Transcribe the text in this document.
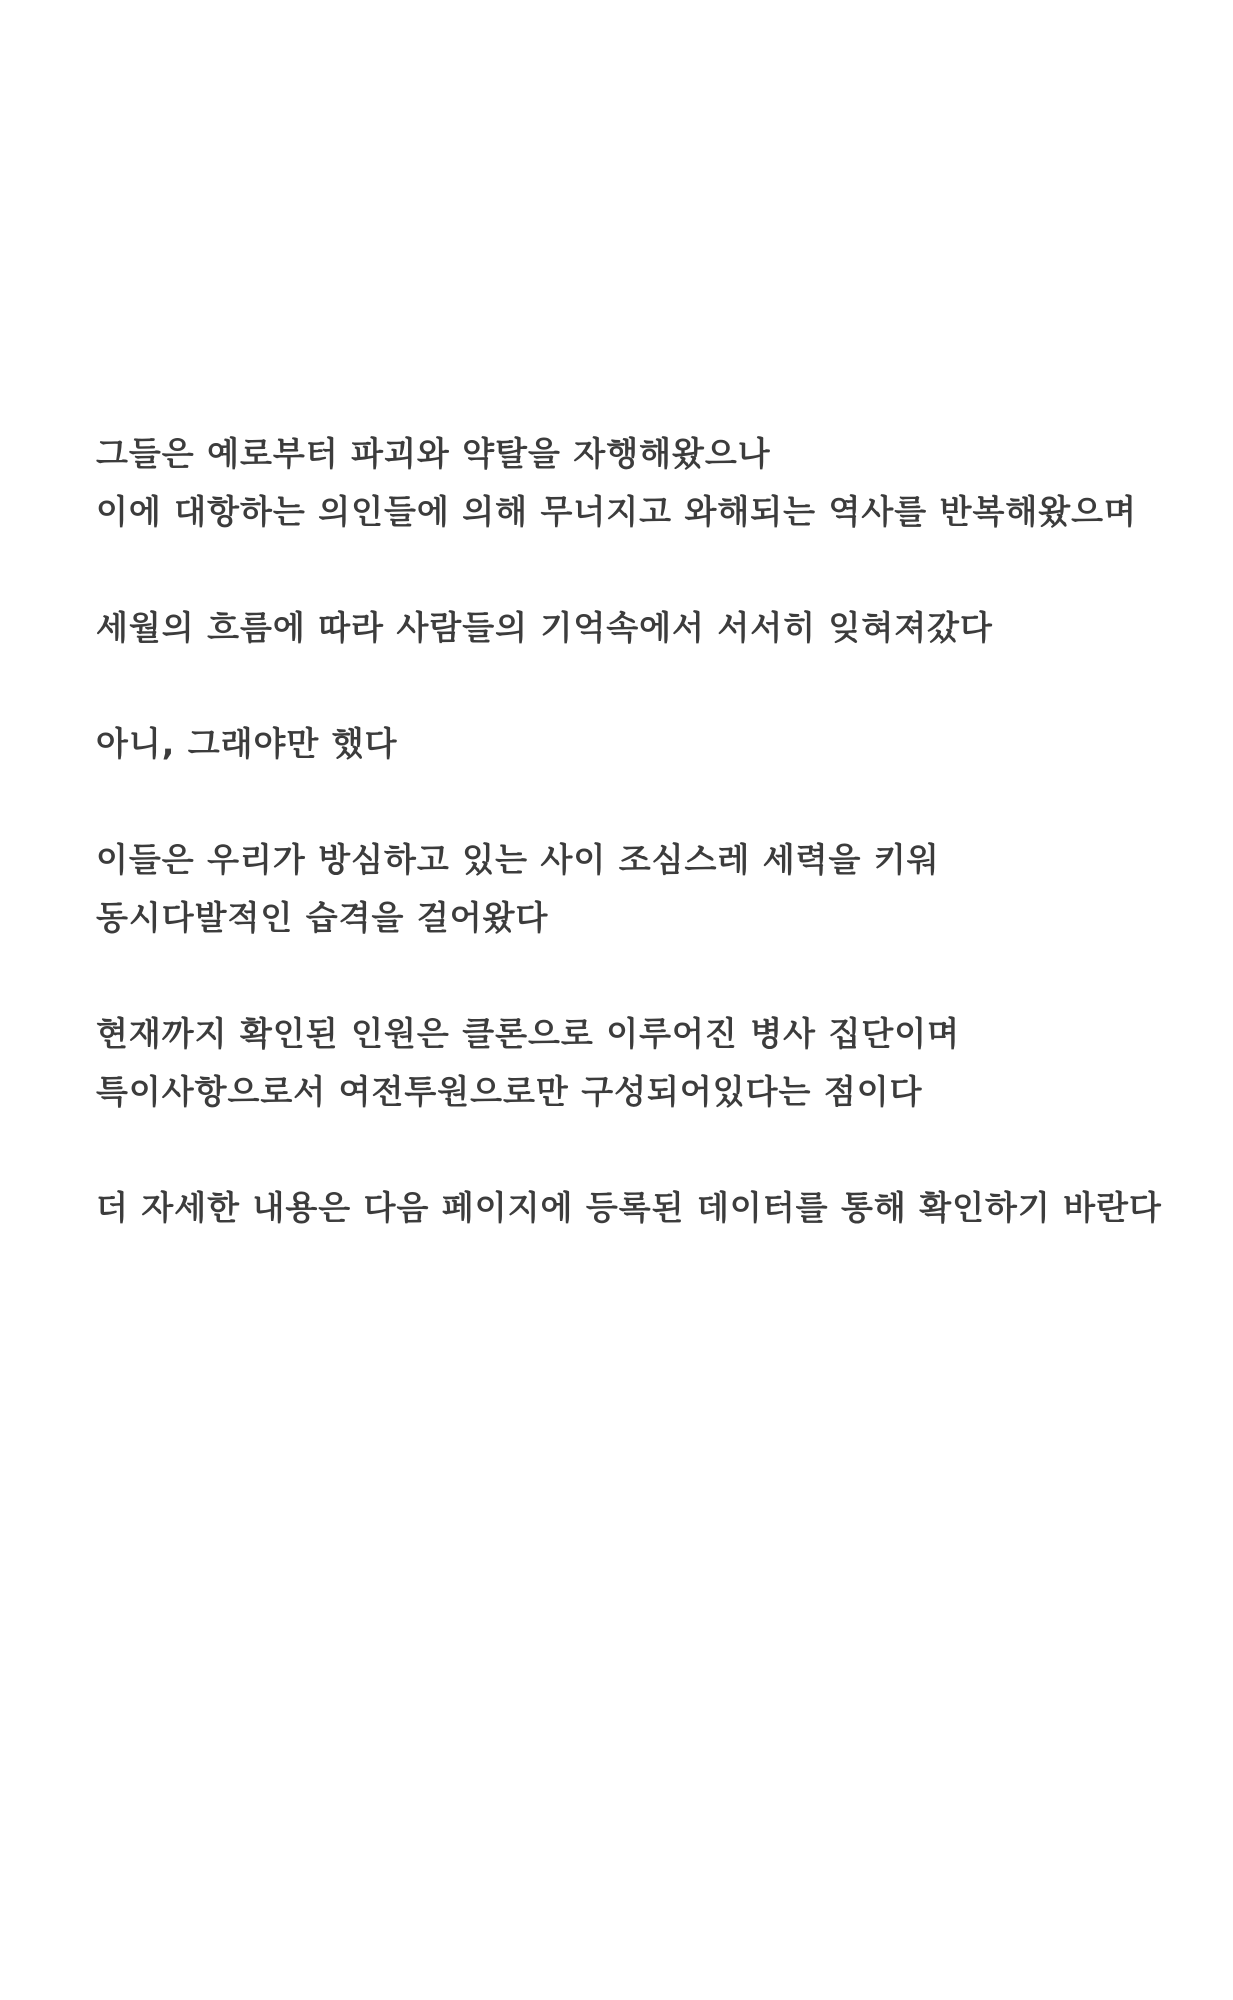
그들은 예로부터 파괴와 약탈을 자행해왔으나
이에 대항하는 의인들에 의해 무너지고 와해되는 역사를 반복해왔으며

세월의 흐름에 따라 사람들의 기억속에서 서서히 잊혀져갔다

아니, 그래야만 했다

이들은 우리가 방심하고 있는 사이 조심스레 세력을 키워
동시다발적인 습격을 걸어왔다

현재까지 확인된 인원은 클론으로 이루어진 병사 집단이며
특이사항으로서 여전투원으로만 구성되어있다는 점이다

더 자세한 내용은 다음 페이지에 등록된 데이터를 통해 확인하기 바란다
